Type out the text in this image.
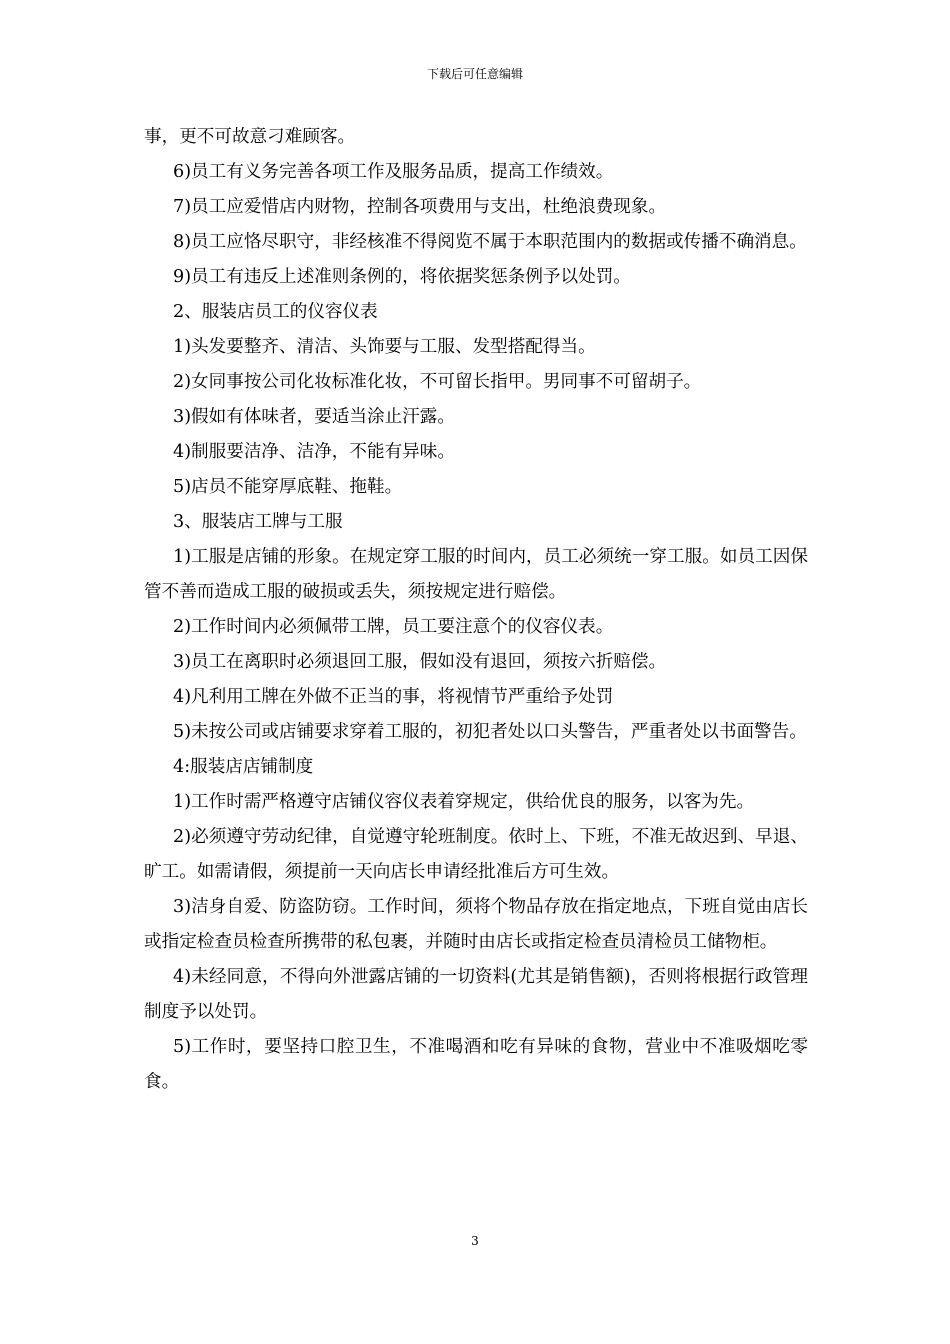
下载后可任意编辑

事，更不可故意刁难顾客。

6)员工有义务完善各项工作及服务品质，提高工作绩效。

7)员工应爱惜店内财物，控制各项费用与支出，杜绝浪费现象。

8)员工应恪尽职守，非经核准不得阅览不属于本职范围内的数据或传播不确消息。

9)员工有违反上述准则条例的，将依据奖惩条例予以处罚。

2、服装店员工的仪容仪表

1)头发要整齐、清洁、头饰要与工服、发型搭配得当。

2)女同事按公司化妆标准化妆，不可留长指甲。男同事不可留胡子。

3)假如有体味者，要适当涂止汗露。

4)制服要洁净、洁净，不能有异味。

5)店员不能穿厚底鞋、拖鞋。

3、服装店工牌与工服

1)工服是店铺的形象。在规定穿工服的时间内，员工必须统一穿工服。如员工因保管不善而造成工服的破损或丢失，须按规定进行赔偿。

2)工作时间内必须佩带工牌，员工要注意个的仪容仪表。

3)员工在离职时必须退回工服，假如没有退回，须按六折赔偿。

4)凡利用工牌在外做不正当的事，将视情节严重给予处罚

5)未按公司或店铺要求穿着工服的，初犯者处以口头警告，严重者处以书面警告。

4:服装店店铺制度

1)工作时需严格遵守店铺仪容仪表着穿规定，供给优良的服务，以客为先。

2)必须遵守劳动纪律，自觉遵守轮班制度。依时上、下班，不准无故迟到、早退、旷工。如需请假，须提前一天向店长申请经批准后方可生效。

3)洁身自爱、防盗防窃。工作时间，须将个物品存放在指定地点，下班自觉由店长或指定检查员检查所携带的私包裹，并随时由店长或指定检查员清检员工储物柜。

4)未经同意，不得向外泄露店铺的一切资料(尤其是销售额)，否则将根据行政管理制度予以处罚。

5)工作时，要坚持口腔卫生，不准喝酒和吃有异味的食物，营业中不准吸烟吃零食。

3
